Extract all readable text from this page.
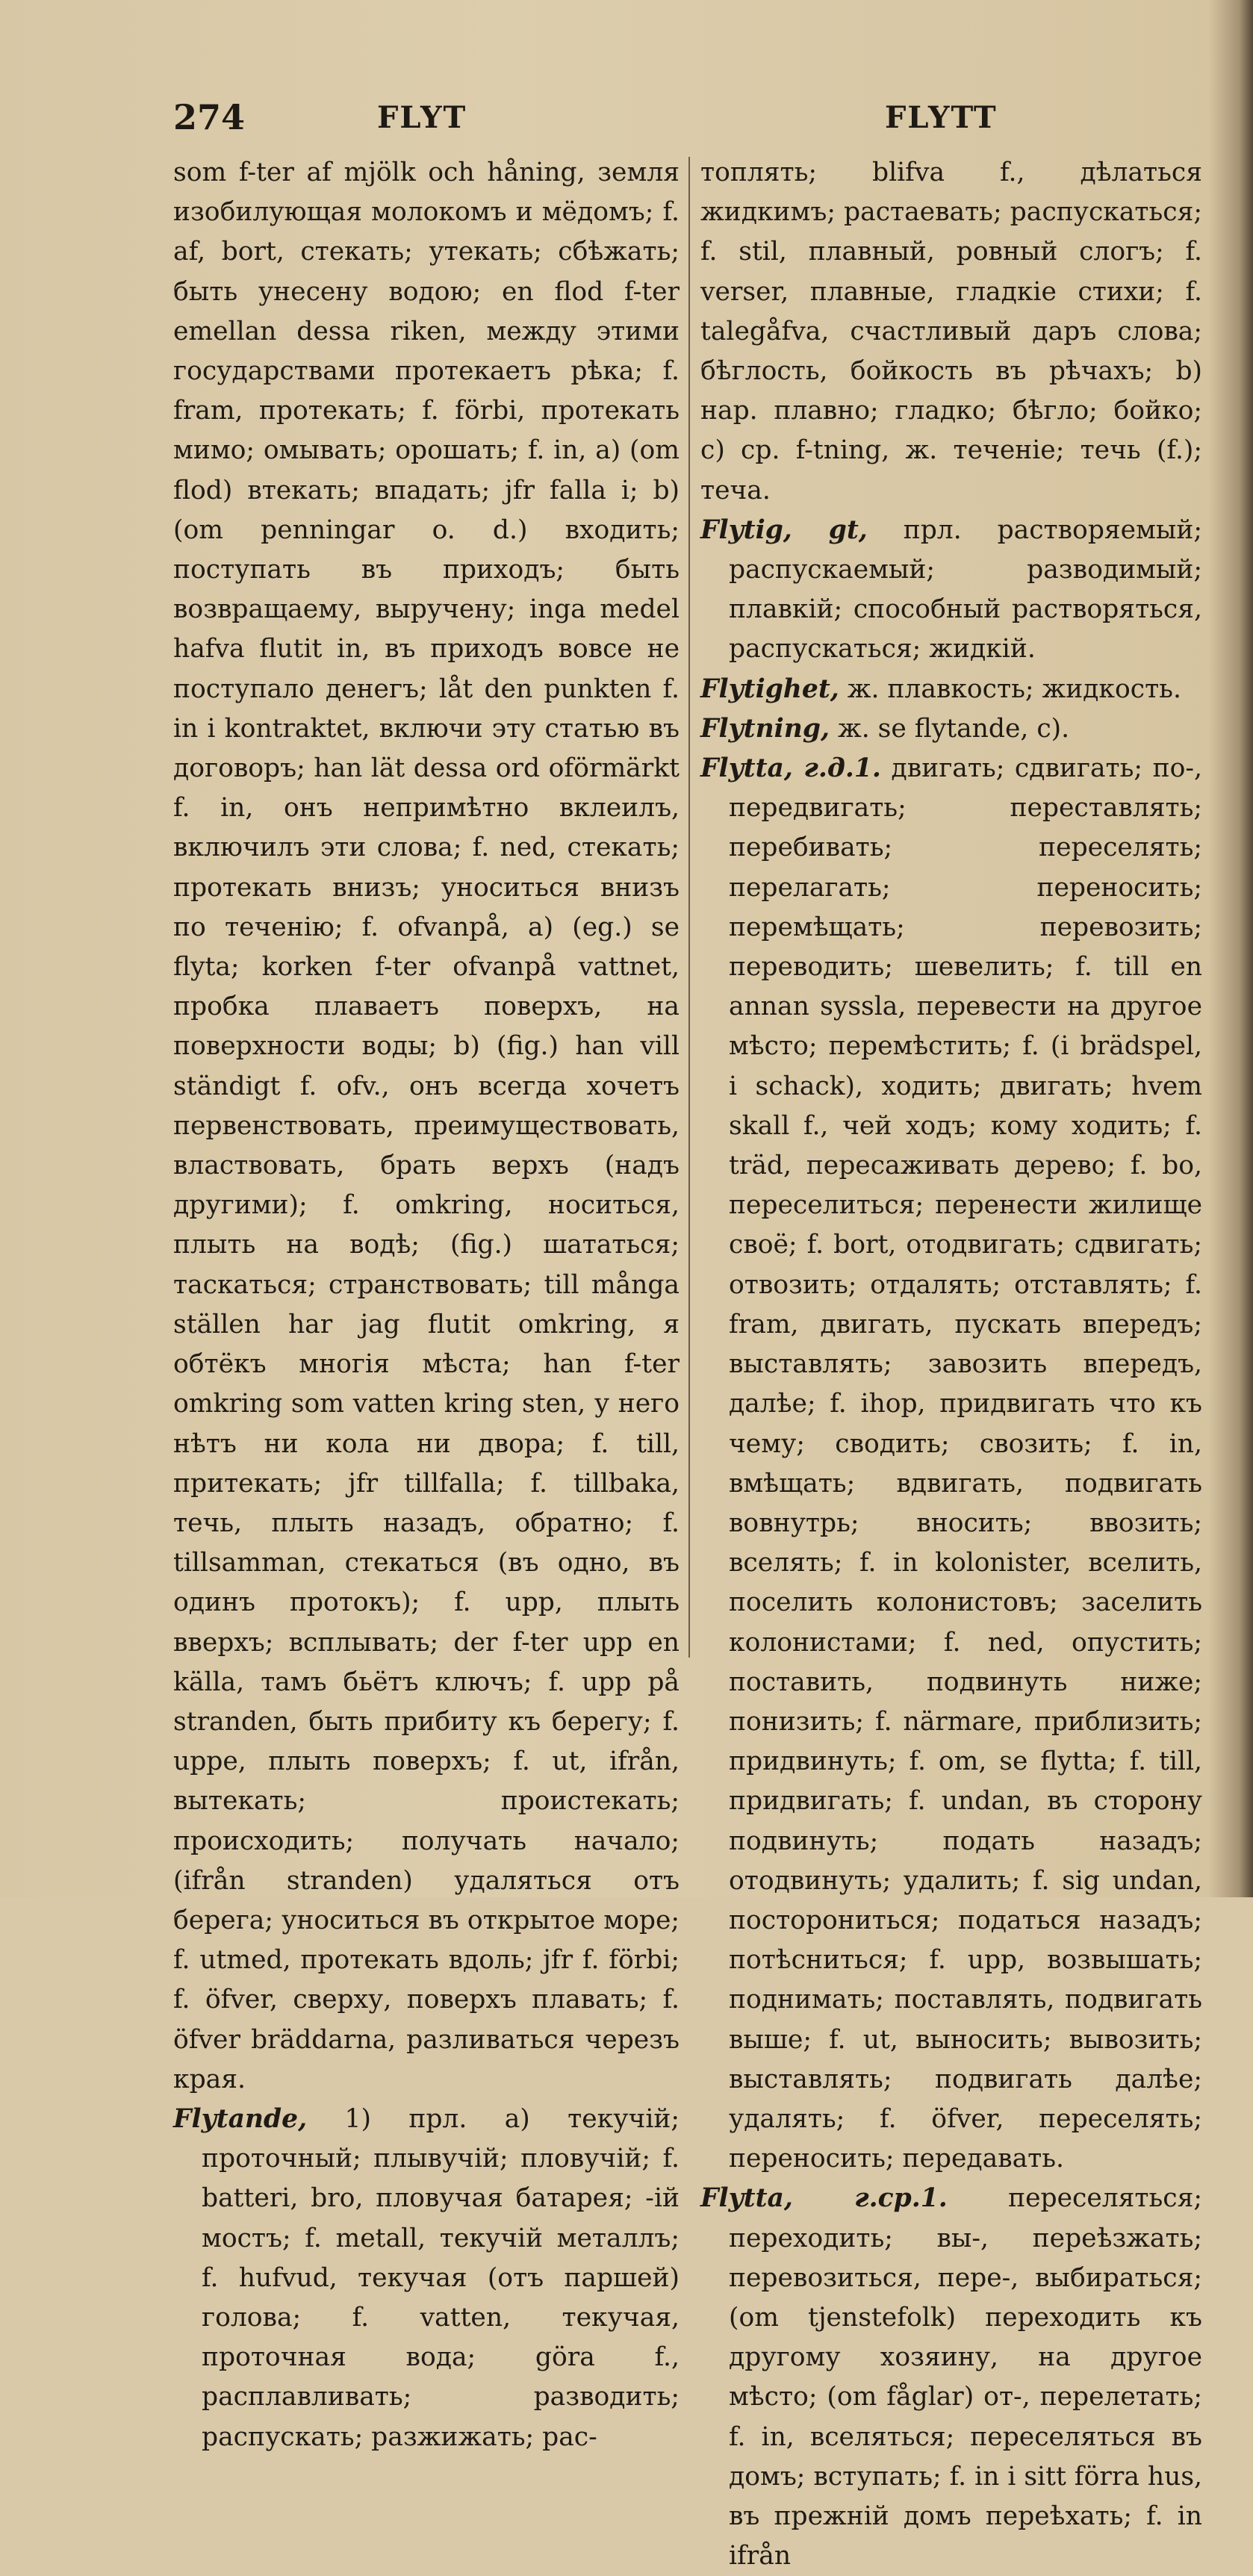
274	FLYT	FLYTT

som f-ter af mjölk och håning, земля изобилующая молокомъ и мёдомъ; f. af, bort, стекать; утекать; сбѣжать; быть унесену водою; en flod f-ter emellan dessa riken, между этими государствами протекаетъ рѣка; f. fram, протекать; f. förbi, протекать мимо; омывать; орошать; f. in, a) (om flod) втекать; впадать; jfr falla i; b) (om penningar o. d.) входить; поступать въ приходъ; быть возвращаему, выручену; inga medel hafva flutit in, въ приходъ вовсе не поступало денегъ; låt den punkten f. in i kontraktet, включи эту статью въ договоръ; han lät dessa ord oförmärkt f. in, онъ непримѣтно вклеилъ, включилъ эти слова; f. ned, стекать; протекать внизъ; уноситься внизъ по теченію; f. ofvanpå, a) (eg.) se flyta; korken f-ter ofvanpå vattnet, пробка плаваетъ поверхъ, на поверхности воды; b) (fig.) han vill ständigt f. ofv., онъ всегда хочетъ первенствовать, преимуществовать, властвовать, брать верхъ (надъ другими); f. omkring, носиться, плыть на водѣ; (fig.) шататься; таскаться; странствовать; till många ställen har jag flutit omkring, я обтёкъ многія мѣста; han f-ter omkring som vatten kring sten, у него нѣтъ ни кола ни двора; f. till, притекать; jfr tillfalla; f. tillbaka, течь, плыть назадъ, обратно; f. tillsamman, стекаться (въ одно, въ одинъ протокъ); f. upp, плыть вверхъ; всплывать; der f-ter upp en källa, тамъ бьётъ ключъ; f. upp på stranden, быть прибиту къ берегу; f. uppe, плыть поверхъ; f. ut, ifrån, вытекать; проистекать; происходить; получать начало; (ifrån stranden) удаляться отъ берега; уноситься въ открытое море; f. utmed, протекать вдоль; jfr f. förbi; f. öfver, сверху, поверхъ плавать; f. öfver bräddarna, разливаться черезъ края.

Flytande, 1) прл. a) текучій; проточный; плывучій; пловучій; f. batteri, bro, пловучая батарея; -ій мостъ; f. metall, текучій металлъ; f. hufvud, текучая (отъ паршей) голова; f. vatten, текучая, проточная вода; göra f., расплавливать; разводить; распускать; разжижать; рас-

топлять; blifva f., дѣлаться жидкимъ; растаевать; распускаться; f. stil, плавный, ровный слогъ; f. verser, плавные, гладкіе стихи; f. talegåfva, счастливый даръ слова; бѣглость, бойкость въ рѣчахъ; b) нар. плавно; гладко; бѣгло; бойко; c) ср. f-tning, ж. теченіе; течь (f.); теча.

Flytig, gt, прл. растворяемый; распускаемый; разводимый; плавкій; способный растворяться, распускаться; жидкій.

Flytighet, ж. плавкость; жидкость.

Flytning, ж. se flytande, c).

Flytta, г.д.1. двигать; сдвигать; по-, передвигать; переставлять; перебивать; переселять; перелагать; переносить; перемѣщать; перевозить; переводить; шевелить; f. till en annan syssla, перевести на другое мѣсто; перемѣстить; f. (i brädspel, i schack), ходить; двигать; hvem skall f., чей ходъ; кому ходить; f. träd, пересаживать дерево; f. bo, переселиться; перенести жилище своё; f. bort, отодвигать; сдвигать; отвозить; отдалять; отставлять; f. fram, двигать, пускать впередъ; выставлять; завозить впередъ, далѣе; f. ihop, придвигать что къ чему; сводить; свозить; f. in, вмѣщать; вдвигать, подвигать вовнутрь; вносить; ввозить; вселять; f. in kolonister, вселить, поселить колонистовъ; заселить колонистами; f. ned, опустить; поставить, подвинуть ниже; понизить; f. närmare, приблизить; придвинуть; f. om, se flytta; f. till, придвигать; f. undan, въ сторону подвинуть; подать назадъ; отодвинуть; удалить; f. sig undan, посторониться; податься назадъ; потѣсниться; f. upp, возвышать; поднимать; поставлять, подвигать выше; f. ut, выносить; вывозить; выставлять; подвигать далѣе; удалять; f. öfver, переселять; переносить; передавать.

Flytta, г.ср.1. переселяться; переходить; вы-, переѣзжать; перевозиться, пере-, выбираться; (om tjenstefolk) переходить къ другому хозяину, на другое мѣсто; (om fåglar) от-, перелетать; f. in, вселяться; переселяться въ домъ; вступать; f. in i sitt förra hus, въ прежній домъ переѣхать; f. in ifrån
